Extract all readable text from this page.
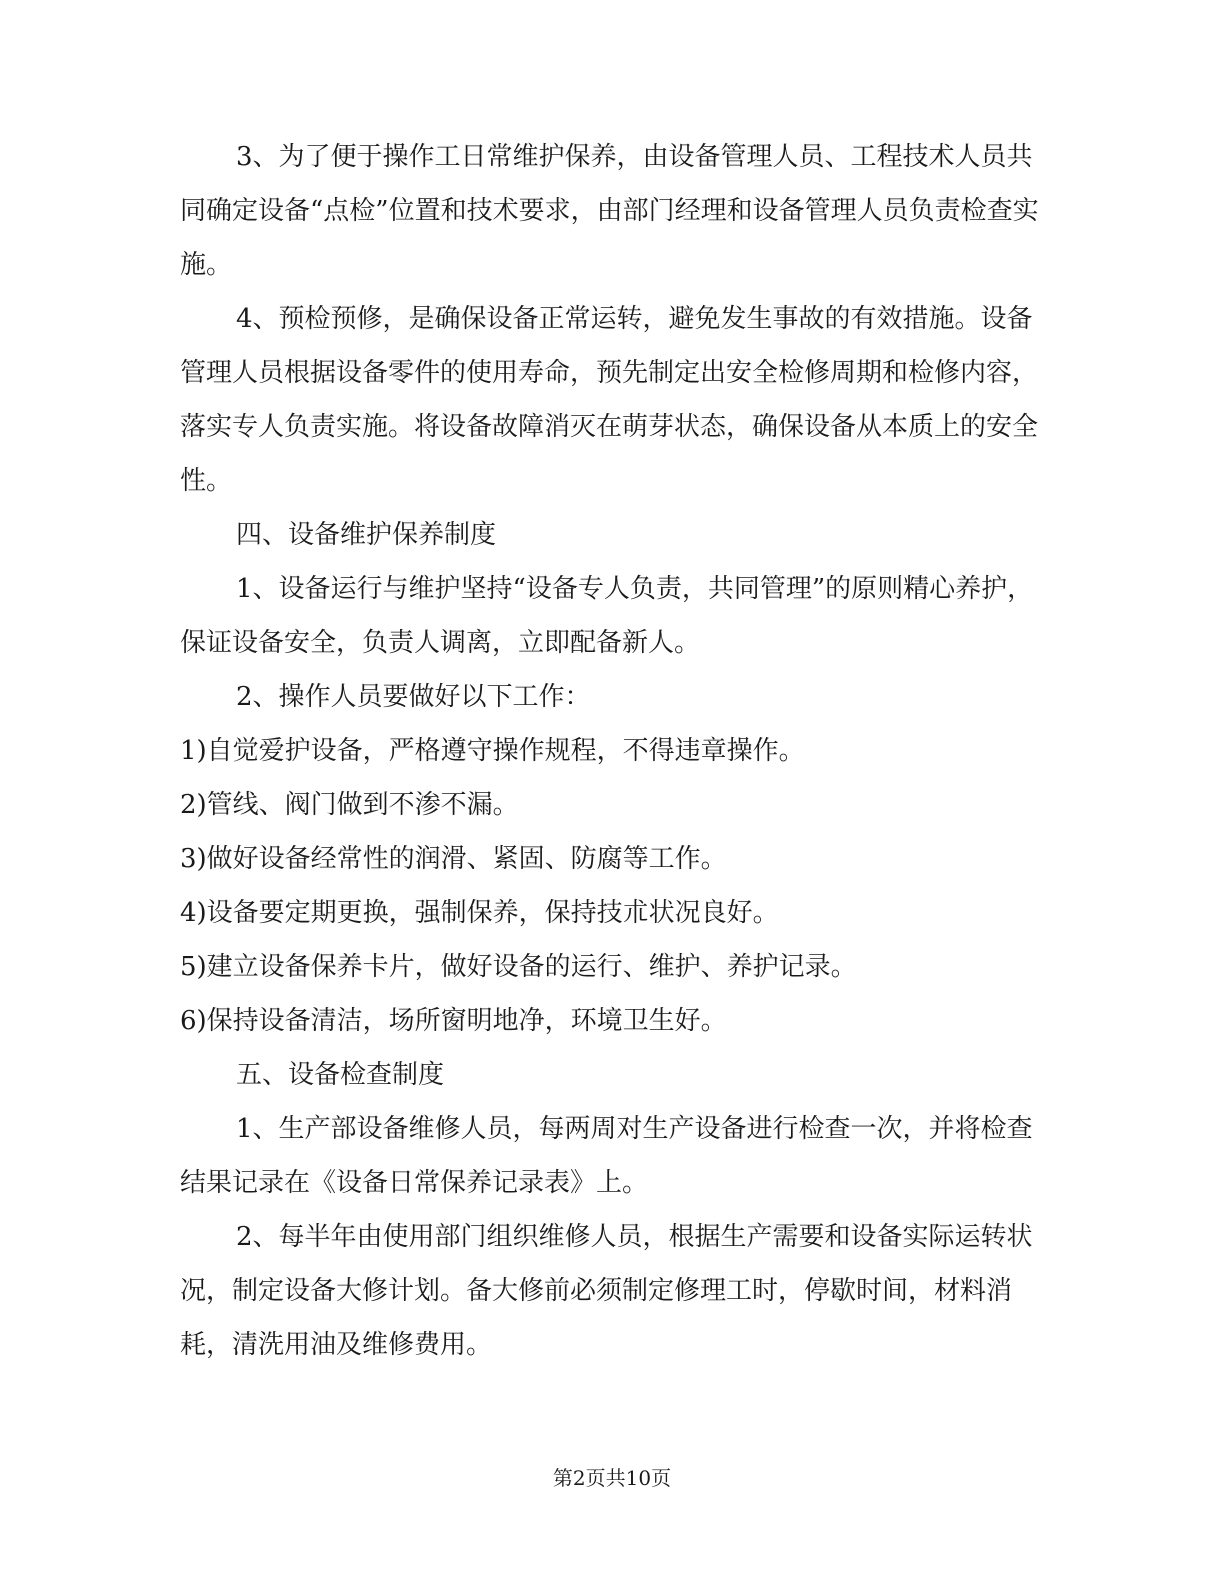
3、为了便于操作工日常维护保养，由设备管理人员、工程技术人员共同确定设备“点检”位置和技术要求，由部门经理和设备管理人员负责检查实施。

4、预检预修，是确保设备正常运转，避免发生事故的有效措施。设备管理人员根据设备零件的使用寿命，预先制定出安全检修周期和检修内容，落实专人负责实施。将设备故障消灭在萌芽状态，确保设备从本质上的安全性。

四、设备维护保养制度

1、设备运行与维护坚持“设备专人负责，共同管理”的原则精心养护，保证设备安全，负责人调离，立即配备新人。

2、操作人员要做好以下工作：

1)自觉爱护设备，严格遵守操作规程，不得违章操作。

2)管线、阀门做到不渗不漏。

3)做好设备经常性的润滑、紧固、防腐等工作。

4)设备要定期更换，强制保养，保持技朮状况良好。

5)建立设备保养卡片，做好设备的运行、维护、养护记录。

6)保持设备清洁，场所窗明地净，环境卫生好。

五、设备检查制度

1、生产部设备维修人员，每两周对生产设备进行检查一次，并将检查结果记录在《设备日常保养记录表》上。

2、每半年由使用部门组织维修人员，根据生产需要和设备实际运转状况，制定设备大修计划。备大修前必须制定修理工时，停歇时间，材料消耗，清洗用油及维修费用。

第2页共10页
